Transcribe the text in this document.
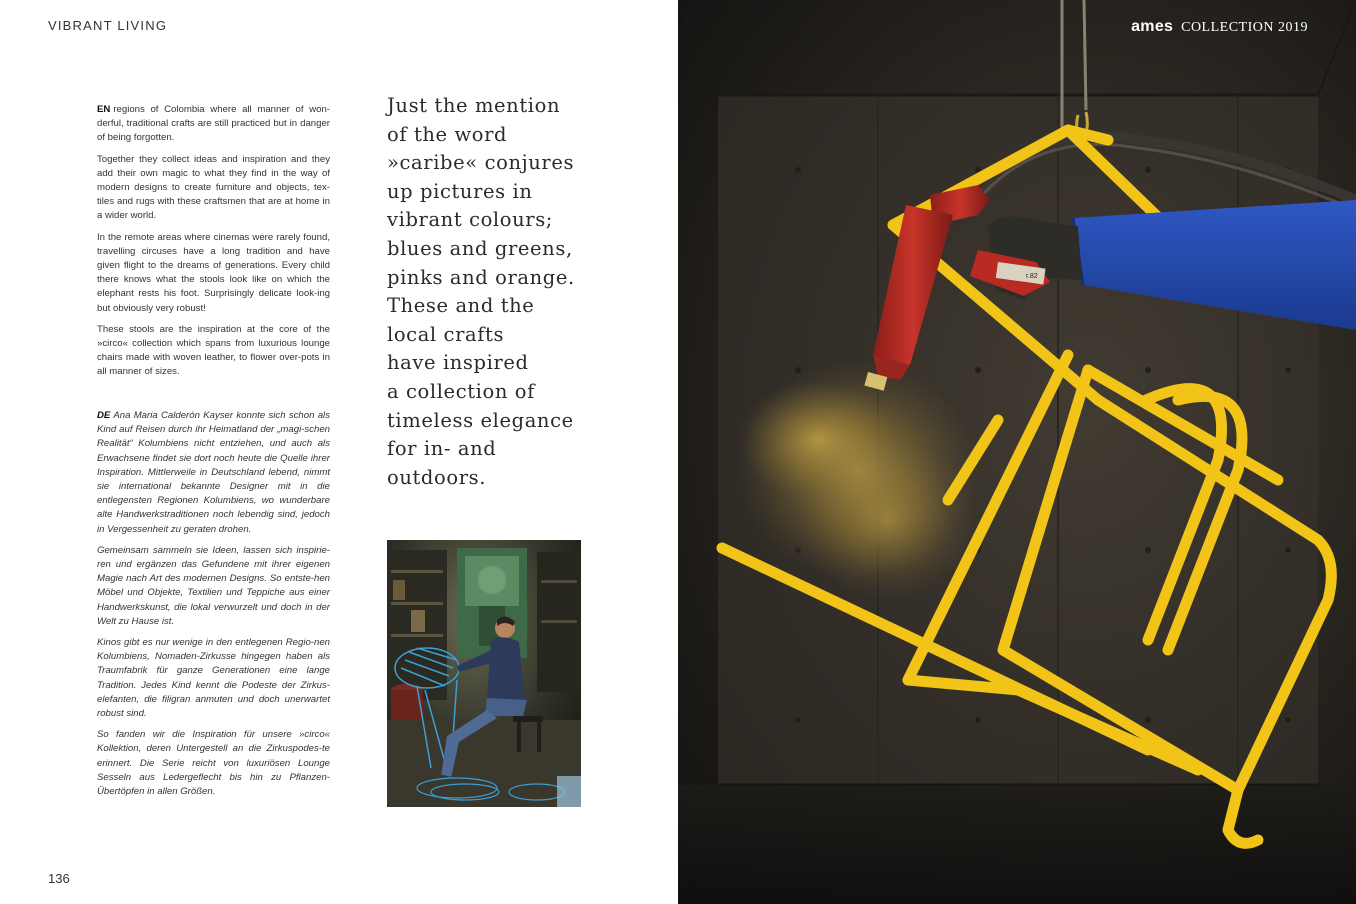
VIBRANT LIVING

EN regions of Colombia where all manner of won-derful, traditional crafts are still practiced but in danger of being forgotten.

Together they collect ideas and inspiration and they add their own magic to what they find in the way of modern designs to create furniture and objects, tex-tiles and rugs with these craftsmen that are at home in a wider world.

In the remote areas where cinemas were rarely found, travelling circuses have a long tradition and have given flight to the dreams of generations. Every child there knows what the stools look like on which the elephant rests his foot. Surprisingly delicate look-ing but obviously very robust!

These stools are the inspiration at the core of the »circo« collection which spans from luxurious lounge chairs made with woven leather, to flower over-pots in all manner of sizes.

DE Ana Maria Calderón Kayser konnte sich schon als Kind auf Reisen durch ihr Heimatland der „magi-schen Realität“ Kolumbiens nicht entziehen, und auch als Erwachsene findet sie dort noch heute die Quelle ihrer Inspiration. Mittlerweile in Deutschland lebend, nimmt sie international bekannte Designer mit in die entlegensten Regionen Kolumbiens, wo wunderbare alte Handwerkstraditionen noch lebendig sind, jedoch in Vergessenheit zu geraten drohen.

Gemeinsam sammeln sie Ideen, lassen sich inspirie-ren und ergänzen das Gefundene mit ihrer eigenen Magie nach Art des modernen Designs. So entste-hen Möbel und Objekte, Textilien und Teppiche aus einer Handwerkskunst, die lokal verwurzelt und doch in der Welt zu Hause ist.

Kinos gibt es nur wenige in den entlegenen Regio-nen Kolumbiens, Nomaden-Zirkusse hingegen haben als Traumfabrik für ganze Generationen eine lange Tradition. Jedes Kind kennt die Podeste der Zirkus-elefanten, die filigran anmuten und doch unerwartet robust sind.

So fanden wir die Inspiration für unsere »circo« Kollektion, deren Untergestell an die Zirkuspodes-te erinnert. Die Serie reicht von luxuriösen Lounge Sesseln aus Ledergeflecht bis hin zu Pflanzen-Übertöpfen in allen Größen.

Just the mention
of the word
»caribe« conjures
up pictures in
vibrant colours;
blues and greens,
pinks and orange.
These and the
local crafts
have inspired
a collection of
timeless elegance
for in- and
outdoors.
136
r.82
ames COLLECTION 2019
